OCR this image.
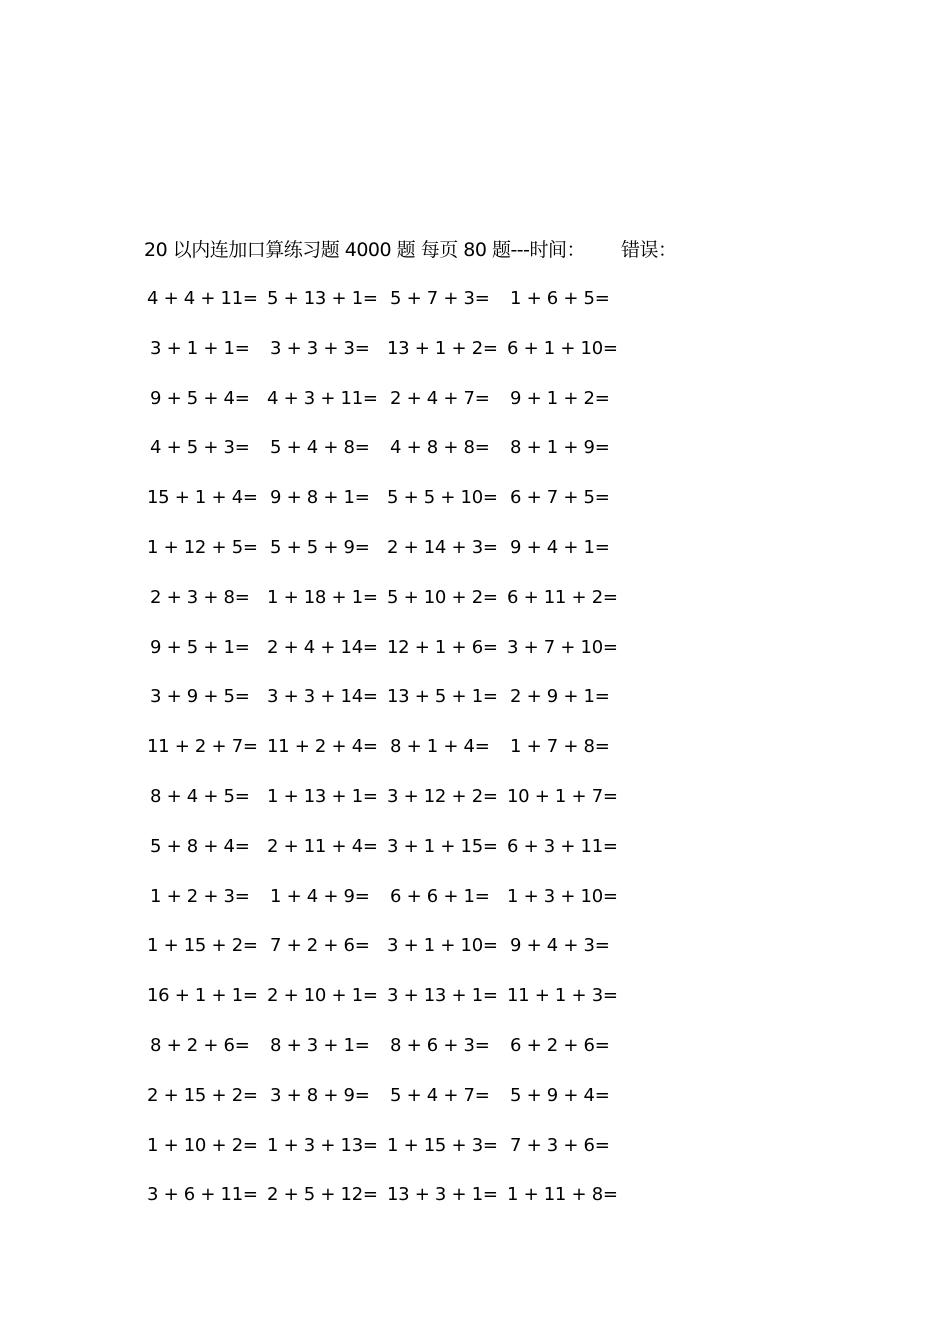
20 以内连加口算练习题 4000 题 每页 80 题---时间： 错误：
4 + 4 + 11= 5 + 13 + 1= 5 + 7 + 3=	1 + 6 + 5=
3 + 1 + 1=	3 + 3 + 3= 13 + 1 + 2= 6 + 1 + 10=
9 + 5 + 4= 4 + 3 + 11= 2 + 4 + 7=	9 + 1 + 2=
4 + 5 + 3=	5 + 4 + 8=	4 + 8 + 8=	8 + 1 + 9=
15 + 1 + 4= 9 + 8 + 1= 5 + 5 + 10= 6 + 7 + 5=
1 + 12 + 5= 5 + 5 + 9= 2 + 14 + 3= 9 + 4 + 1=
2 + 3 + 8= 1 + 18 + 1= 5 + 10 + 2= 6 + 11 + 2=
9 + 5 + 1= 2 + 4 + 14= 12 + 1 + 6= 3 + 7 + 10=
3 + 9 + 5= 3 + 3 + 14= 13 + 5 + 1= 2 + 9 + 1=
11 + 2 + 7= 11 + 2 + 4= 8 + 1 + 4=	1 + 7 + 8=
8 + 4 + 5= 1 + 13 + 1= 3 + 12 + 2= 10 + 1 + 7=
5 + 8 + 4= 2 + 11 + 4= 3 + 1 + 15= 6 + 3 + 11=
1 + 2 + 3=	1 + 4 + 9=	6 + 6 + 1= 1 + 3 + 10=
1 + 15 + 2= 7 + 2 + 6= 3 + 1 + 10= 9 + 4 + 3=
16 + 1 + 1= 2 + 10 + 1= 3 + 13 + 1= 11 + 1 + 3=
8 + 2 + 6=	8 + 3 + 1=	8 + 6 + 3=	6 + 2 + 6=
2 + 15 + 2= 3 + 8 + 9=	5 + 4 + 7=	5 + 9 + 4=
1 + 10 + 2= 1 + 3 + 13= 1 + 15 + 3= 7 + 3 + 6=
3 + 6 + 11= 2 + 5 + 12= 13 + 3 + 1= 1 + 11 + 8=
